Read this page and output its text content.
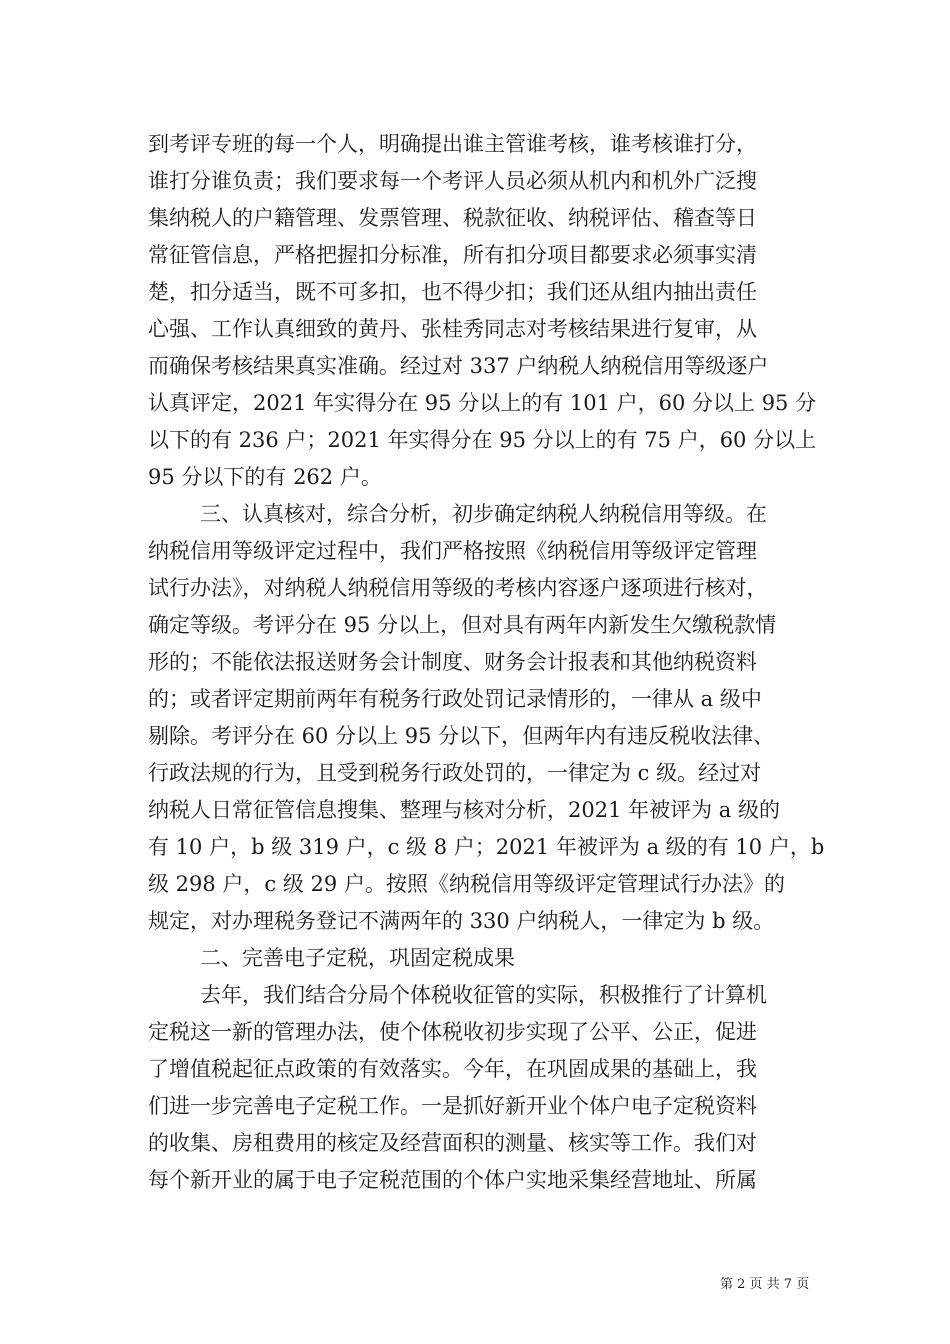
到考评专班的每一个人，明确提出谁主管谁考核，谁考核谁打分，

谁打分谁负责；我们要求每一个考评人员必须从机内和机外广泛搜

集纳税人的户籍管理、发票管理、税款征收、纳税评估、稽查等日

常征管信息，严格把握扣分标准，所有扣分项目都要求必须事实清

楚，扣分适当，既不可多扣，也不得少扣；我们还从组内抽出责任

心强、工作认真细致的黄丹、张桂秀同志对考核结果进行复审，从

而确保考核结果真实准确。经过对 337 户纳税人纳税信用等级逐户

认真评定，2021 年实得分在 95 分以上的有 101 户，60 分以上 95 分

以下的有 236 户；2021 年实得分在 95 分以上的有 75 户，60 分以上

95 分以下的有 262 户。

三、认真核对，综合分析，初步确定纳税人纳税信用等级。在

纳税信用等级评定过程中，我们严格按照《纳税信用等级评定管理

试行办法》，对纳税人纳税信用等级的考核内容逐户逐项进行核对，

确定等级。考评分在 95 分以上，但对具有两年内新发生欠缴税款情

形的；不能依法报送财务会计制度、财务会计报表和其他纳税资料

的；或者评定期前两年有税务行政处罚记录情形的，一律从 a 级中

剔除。考评分在 60 分以上 95 分以下，但两年内有违反税收法律、

行政法规的行为，且受到税务行政处罚的，一律定为 c 级。经过对

纳税人日常征管信息搜集、整理与核对分析，2021 年被评为 a 级的

有 10 户，b 级 319 户，c 级 8 户；2021 年被评为 a 级的有 10 户，b

级 298 户，c 级 29 户。按照《纳税信用等级评定管理试行办法》的

规定，对办理税务登记不满两年的 330 户纳税人，一律定为 b 级。

二、完善电子定税，巩固定税成果

去年，我们结合分局个体税收征管的实际，积极推行了计算机

定税这一新的管理办法，使个体税收初步实现了公平、公正，促进

了增值税起征点政策的有效落实。今年，在巩固成果的基础上，我

们进一步完善电子定税工作。一是抓好新开业个体户电子定税资料

的收集、房租费用的核定及经营面积的测量、核实等工作。我们对

每个新开业的属于电子定税范围的个体户实地采集经营地址、所属

第 2 页 共 7 页
